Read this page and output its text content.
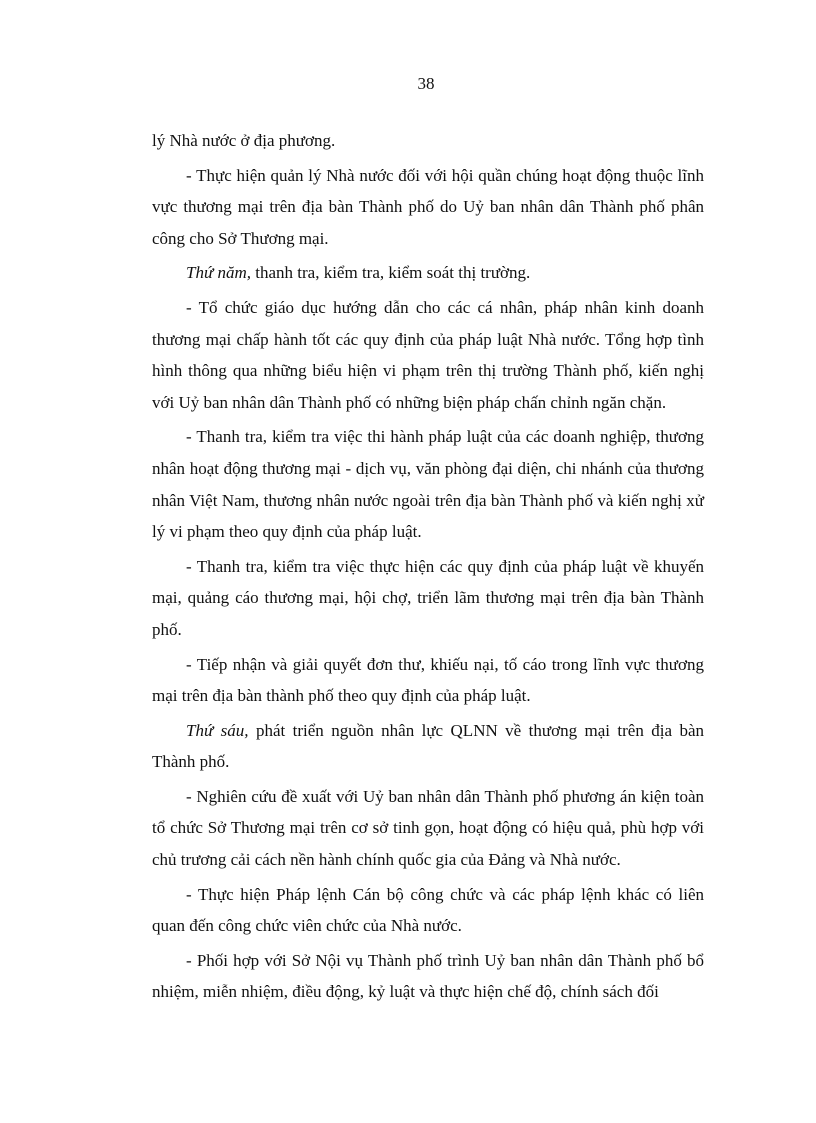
38

lý Nhà nước ở địa phương.

- Thực hiện quản lý Nhà nước đối với hội quần chúng hoạt động thuộc lĩnh vực thương mại trên địa bàn Thành phố do Uỷ ban nhân dân Thành phố phân công cho Sở Thương mại.

Thứ năm, thanh tra, kiểm tra, kiểm soát thị trường.

- Tổ chức giáo dục hướng dẫn cho các cá nhân, pháp nhân kinh doanh thương mại chấp hành tốt các quy định của pháp luật Nhà nước. Tổng hợp tình hình thông qua những biểu hiện vi phạm trên thị trường Thành phố, kiến nghị với Uỷ ban nhân dân Thành phố có những biện pháp chấn chỉnh ngăn chặn.

- Thanh tra, kiểm tra việc thi hành pháp luật của các doanh nghiệp, thương nhân hoạt động thương mại - dịch vụ, văn phòng đại diện, chi nhánh của thương nhân Việt Nam, thương nhân nước ngoài trên địa bàn Thành phố và kiến nghị xử lý vi phạm theo quy định của pháp luật.

- Thanh tra, kiểm tra việc thực hiện các quy định của pháp luật về khuyến mại, quảng cáo thương mại, hội chợ, triển lãm thương mại trên địa bàn Thành phố.

- Tiếp nhận và giải quyết đơn thư, khiếu nại, tố cáo trong lĩnh vực thương mại trên địa bàn thành phố theo quy định của pháp luật.

Thứ sáu, phát triển nguồn nhân lực QLNN về thương mại trên địa bàn Thành phố.

- Nghiên cứu đề xuất với Uỷ ban nhân dân Thành phố phương án kiện toàn tổ chức Sở Thương mại trên cơ sở tinh gọn, hoạt động có hiệu quả, phù hợp với chủ trương cải cách nền hành chính quốc gia của Đảng và Nhà nước.

- Thực hiện Pháp lệnh Cán bộ công chức và các pháp lệnh khác có liên quan đến công chức viên chức của Nhà nước.

- Phối hợp với Sở Nội vụ Thành phố trình Uỷ ban nhân dân Thành phố bổ nhiệm, miễn nhiệm, điều động, kỷ luật và thực hiện chế độ, chính sách đối
